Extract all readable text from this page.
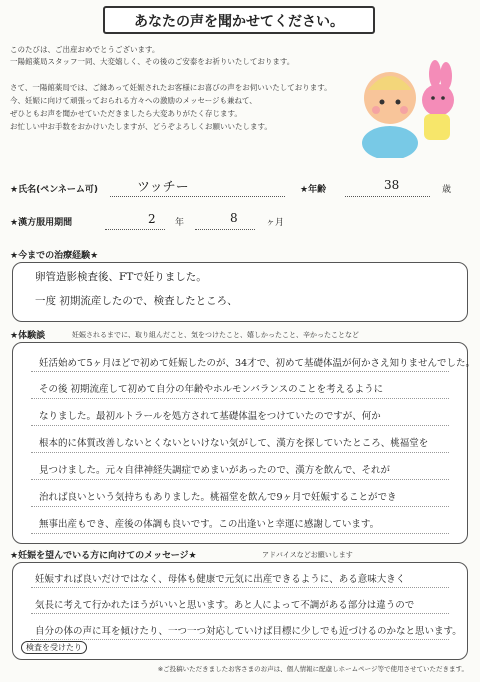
あなたの声を聞かせてください。
このたびは、ご出産おめでとうございます。
一陽館薬局スタッフ一同、大変嬉しく、その後のご安泰をお祈りいたしております。
さて、一陽館薬局では、ご縁あって妊娠されたお客様にお喜びの声をお伺いいたしております。
今、妊娠に向けて頑張っておられる方々への激励のメッセージも兼ねて、
ぜひともお声を聞かせていただきましたら大変ありがたく存じます。
お忙しい中お手数をおかけいたしますが、どうぞよろしくお願いいたします。
★氏名(ペンネーム可)	ツッチー	★年齢	38	歳
★漢方服用期間	2 年	8	ヶ月
★今までの治療経験★
卵管造影検査後、FTで妊りました。
一度 初期流産したので、検査したところ、
★体験談	妊娠されるまでに、取り組んだこと、気をつけたこと、嬉しかったこと、辛かったことなど
妊活始めて5ヶ月ほどで初めて妊娠したのが、34才で、初めて基礎体温が何かさえ知りませんでした。
その後 初期流産して初めて自分の年齢やホルモンバランスのことを考えるように
なりました。最初ルトラールを処方されて基礎体温をつけていたのですが、何か
根本的に体質改善しないとくないといけない気がして、漢方を探していたところ、桃福堂を
見つけました。元々自律神経失調症でめまいがあったので、漢方を飲んで、それが
治れば良いという気持ちもありました。桃福堂を飲んで9ヶ月で妊娠することができ
無事出産もでき、産後の体調も良いです。この出逢いと幸運に感謝しています。
★妊娠を望んでいる方に向けてのメッセージ★	アドバイスなどお願いします
妊娠すれば良いだけではなく、母体も健康で元気に出産できるように、ある意味大きく
気長に考えて行かれたほうがいいと思います。あと人によって不調がある部分は違うので
自分の体の声に耳を傾けたり、一つ一つ対応していけば目標に少しでも近づけるのかなと思います。
検査を受けたり
※ご投稿いただきましたお客さまのお声は、個人情報に配慮しホームページ等で使用させていただきます。
